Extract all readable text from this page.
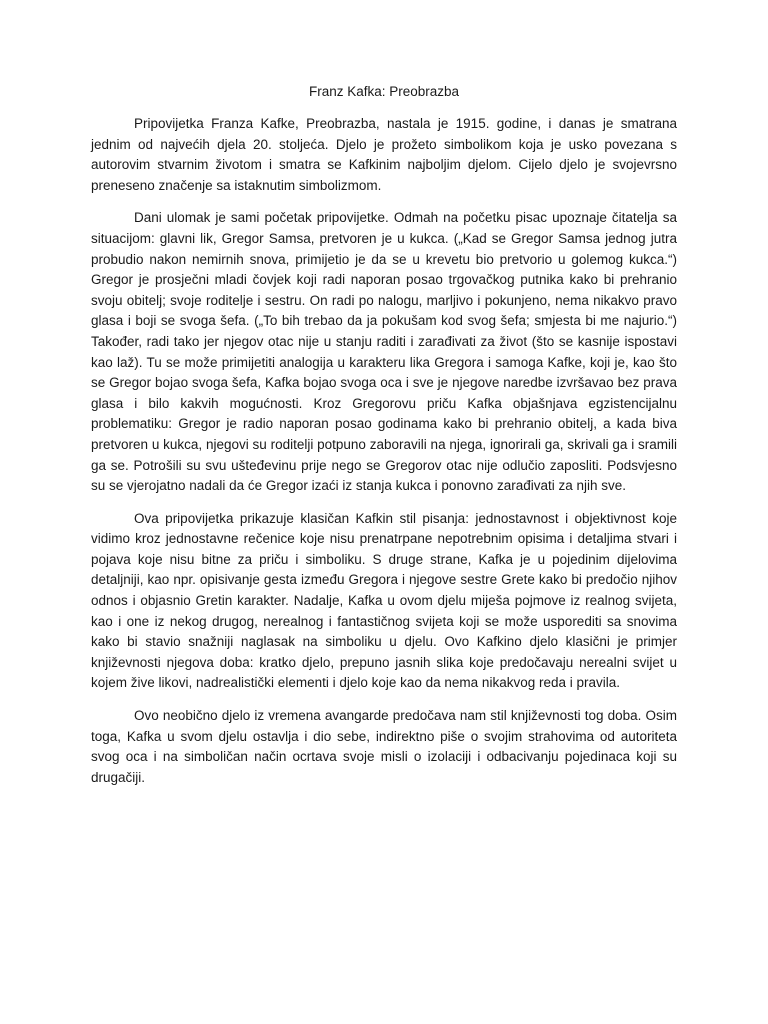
Franz Kafka: Preobrazba

Pripovijetka Franza Kafke, Preobrazba, nastala je 1915. godine, i danas je smatrana jednim od najvećih djela 20. stoljeća. Djelo je prožeto simbolikom koja je usko povezana s autorovim stvarnim životom i smatra se Kafkinim najboljim djelom. Cijelo djelo je svojevrsno preneseno značenje sa istaknutim simbolizmom.

Dani ulomak je sami početak pripovijetke. Odmah na početku pisac upoznaje čitatelja sa situacijom: glavni lik, Gregor Samsa, pretvoren je u kukca. („Kad se Gregor Samsa jednog jutra probudio nakon nemirnih snova, primijetio je da se u krevetu bio pretvorio u golemog kukca.“) Gregor je prosječni mladi čovjek koji radi naporan posao trgovačkog putnika kako bi prehranio svoju obitelj; svoje roditelje i sestru. On radi po nalogu, marljivo i pokunjeno, nema nikakvo pravo glasa i boji se svoga šefa. („To bih trebao da ja pokušam kod svog šefa; smjesta bi me najurio.“) Također, radi tako jer njegov otac nije u stanju raditi i zarađivati za život (što se kasnije ispostavi kao laž). Tu se može primijetiti analogija u karakteru lika Gregora i samoga Kafke, koji je, kao što se Gregor bojao svoga šefa, Kafka bojao svoga oca i sve je njegove naredbe izvršavao bez prava glasa i bilo kakvih mogućnosti. Kroz Gregorovu priču Kafka objašnjava egzistencijalnu problematiku: Gregor je radio naporan posao godinama kako bi prehranio obitelj, a kada biva pretvoren u kukca, njegovi su roditelji potpuno zaboravili na njega, ignorirali ga, skrivali ga i sramili ga se. Potrošili su svu ušteđevinu prije nego se Gregorov otac nije odlučio zaposliti. Podsvjesno su se vjerojatno nadali da će Gregor izaći iz stanja kukca i ponovno zarađivati za njih sve.

Ova pripovijetka prikazuje klasičan Kafkin stil pisanja: jednostavnost i objektivnost koje vidimo kroz jednostavne rečenice koje nisu prenatrpane nepotrebnim opisima i detaljima stvari i pojava koje nisu bitne za priču i simboliku. S druge strane, Kafka je u pojedinim dijelovima detaljniji, kao npr. opisivanje gesta između Gregora i njegove sestre Grete kako bi predočio njihov odnos i objasnio Gretin karakter. Nadalje, Kafka u ovom djelu miješa pojmove iz realnog svijeta, kao i one iz nekog drugog, nerealnog i fantastičnog svijeta koji se može usporediti sa snovima kako bi stavio snažniji naglasak na simboliku u djelu. Ovo Kafkino djelo klasični je primjer književnosti njegova doba: kratko djelo, prepuno jasnih slika koje predočavaju nerealni svijet u kojem žive likovi, nadrealistički elementi i djelo koje kao da nema nikakvog reda i pravila.

Ovo neobično djelo iz vremena avangarde predočava nam stil književnosti tog doba. Osim toga, Kafka u svom djelu ostavlja i dio sebe, indirektno piše o svojim strahovima od autoriteta svog oca i na simboličan način ocrtava svoje misli o izolaciji i odbacivanju pojedinaca koji su drugačiji.
